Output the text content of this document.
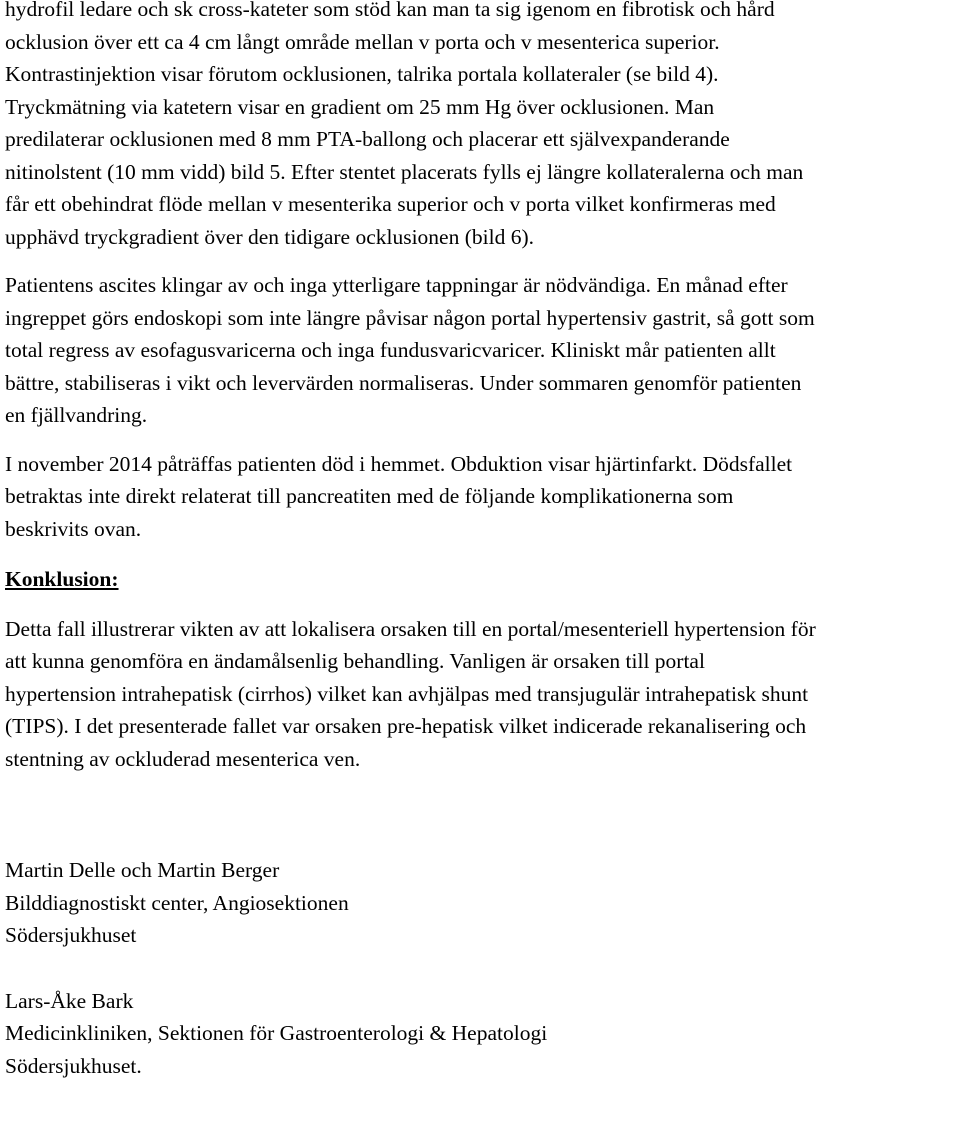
hydrofil ledare och sk cross-kateter som stöd kan man ta sig igenom en fibrotisk och hård
ocklusion över ett ca 4 cm långt område mellan v porta och v mesenterica superior.
Kontrastinjektion visar förutom ocklusionen, talrika portala kollateraler (se bild 4).
Tryckmätning via katetern visar en gradient om 25 mm Hg över ocklusionen. Man
predilaterar ocklusionen med 8 mm PTA-ballong och placerar ett självexpanderande
nitinolstent (10 mm vidd) bild 5. Efter stentet placerats fylls ej längre kollateralerna och man
får ett obehindrat flöde mellan v mesenterika superior och v porta vilket konfirmeras med
upphävd tryckgradient över den tidigare ocklusionen (bild 6).
Patientens ascites klingar av och inga ytterligare tappningar är nödvändiga. En månad efter
ingreppet görs endoskopi som inte längre påvisar någon portal hypertensiv gastrit, så gott som
total regress av esofagusvaricerna och inga fundusvaricvaricer. Kliniskt mår patienten allt
bättre, stabiliseras i vikt och levervärden normaliseras. Under sommaren genomför patienten
en fjällvandring.
I november 2014 påträffas patienten död i hemmet. Obduktion visar hjärtinfarkt. Dödsfallet
betraktas inte direkt relaterat till pancreatiten med de följande komplikationerna som
beskrivits ovan.
Konklusion:
Detta fall illustrerar vikten av att lokalisera orsaken till en portal/mesenteriell hypertension för
att kunna genomföra en ändamålsenlig behandling. Vanligen är orsaken till portal
hypertension intrahepatisk (cirrhos) vilket kan avhjälpas med transjugulär intrahepatisk shunt
(TIPS). I det presenterade fallet var orsaken pre-hepatisk vilket indicerade rekanalisering och
stentning av ockluderad mesenterica ven.
Martin Delle och Martin Berger
Bilddiagnostiskt center, Angiosektionen
Södersjukhuset
Lars-Åke Bark
Medicinkliniken, Sektionen för Gastroenterologi & Hepatologi
Södersjukhuset.
